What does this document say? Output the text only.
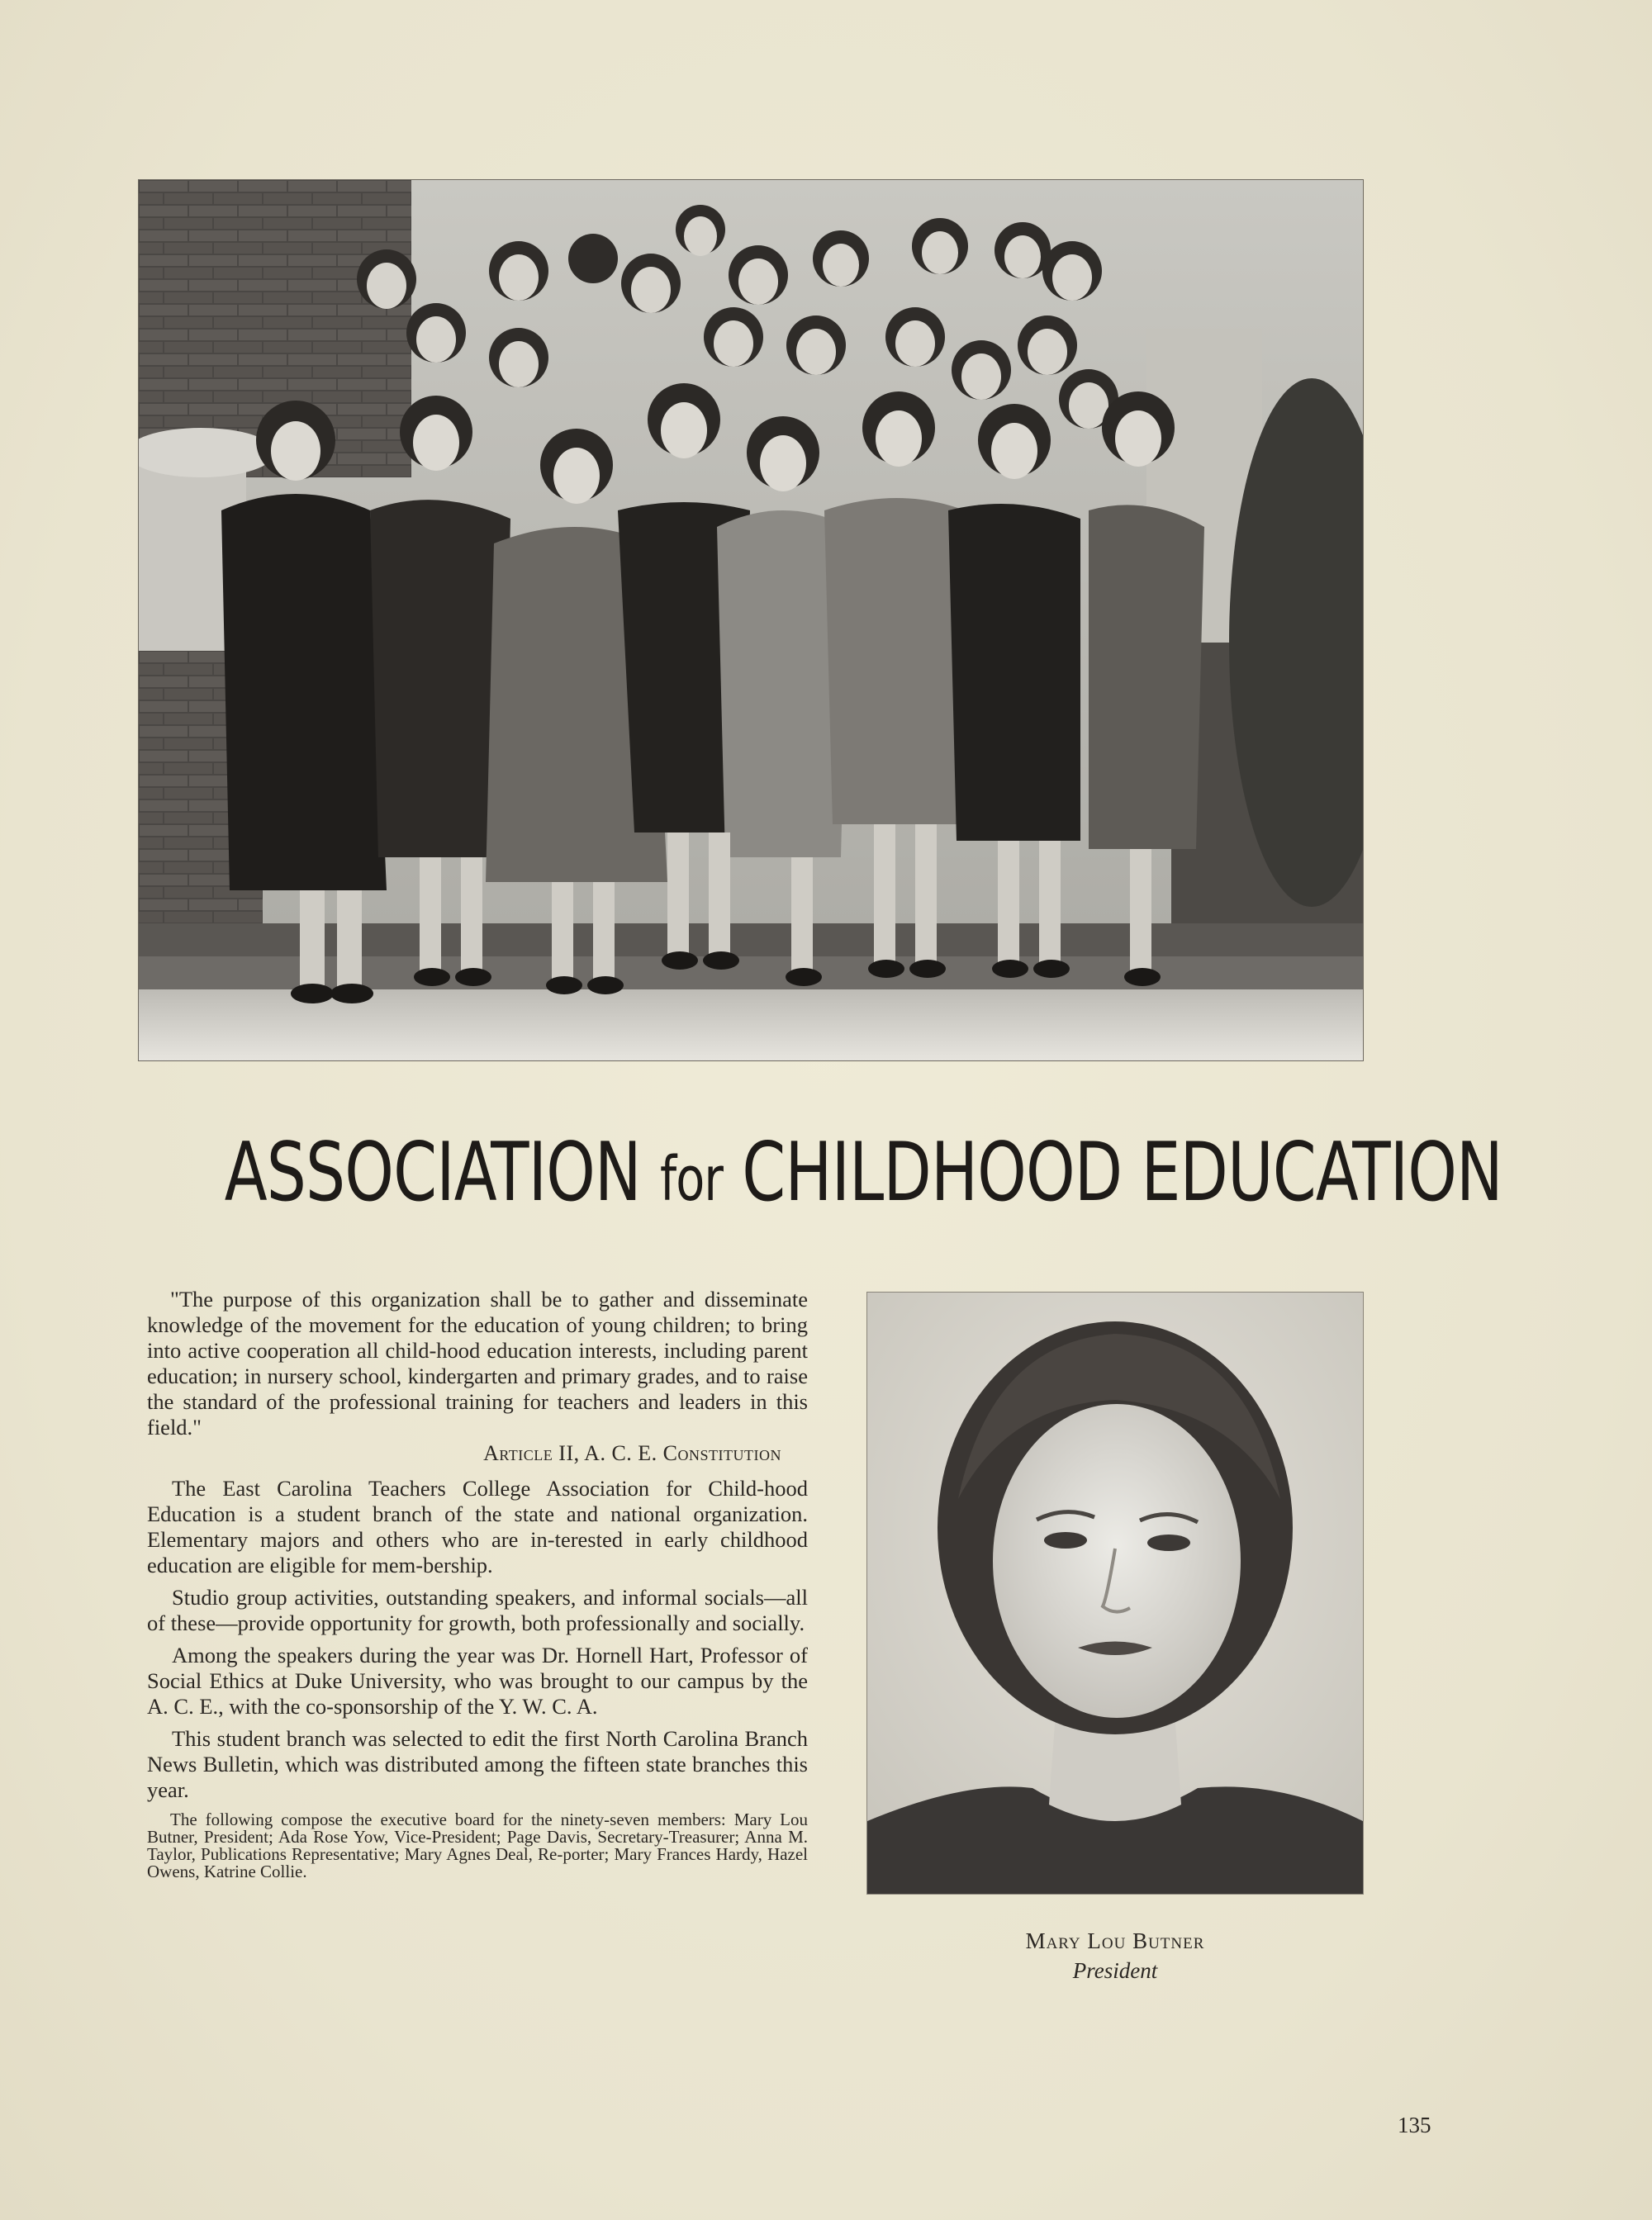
ASSOCIATION for CHILDHOOD EDUCATION

"The purpose of this organization shall be to gather and disseminate knowledge of the movement for the education of young children; to bring into active cooperation all child-hood education interests, including parent education; in nursery school, kindergarten and primary grades, and to raise the standard of the professional training for teachers and leaders in this field."

Article II, A. C. E. Constitution

The East Carolina Teachers College Association for Child-hood Education is a student branch of the state and national organization. Elementary majors and others who are in-terested in early childhood education are eligible for mem-bership.

Studio group activities, outstanding speakers, and informal socials—all of these—provide opportunity for growth, both professionally and socially.

Among the speakers during the year was Dr. Hornell Hart, Professor of Social Ethics at Duke University, who was brought to our campus by the A. C. E., with the co-sponsorship of the Y. W. C. A.

This student branch was selected to edit the first North Carolina Branch News Bulletin, which was distributed among the fifteen state branches this year.

The following compose the executive board for the ninety-seven members: Mary Lou Butner, President; Ada Rose Yow, Vice-President; Page Davis, Secretary-Treasurer; Anna M. Taylor, Publications Representative; Mary Agnes Deal, Re-porter; Mary Frances Hardy, Hazel Owens, Katrine Collie.

Mary Lou Butner
President
135
